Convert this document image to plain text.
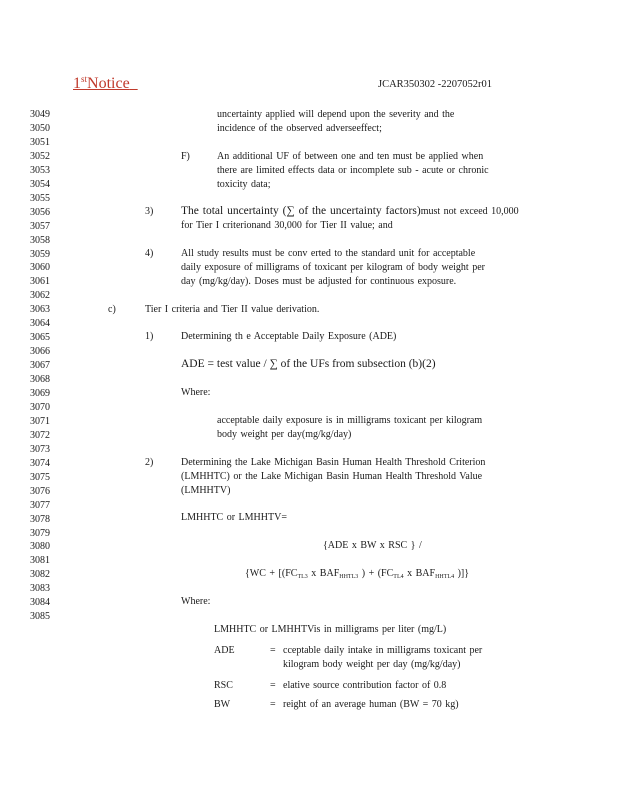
1stNotice	JCAR350302 -2207052r01
3049
3050
3051
3052
3053
3054
3055
3056
3057
3058
3059
3060
3061
3062
3063
3064
3065
3066
3067
3068
3069
3070
3071
3072
3073
3074
3075
3076
3077
3078
3079
3080
3081
3082
3083
3084
3085
uncertainty applied will depend upon the severity and the
incidence of the observed adverseeffect;
F)	An additional UF of between one and ten must be applied when
there are limited effects data or incomplete sub - acute or chronic
toxicity data;
3) The total uncertainty (∑ of the uncertainty factors)must not exceed 10,000
for Tier I criterionand 30,000 for Tier II value; and
4)	All study results must be conv erted to the standard unit for acceptable
daily exposure of milligrams of toxicant per kilogram of body weight per
day (mg/kg/day). Doses must be adjusted for continuous exposure.
c)	Tier I criteria and Tier II value derivation.
1)	Determining th e Acceptable Daily Exposure (ADE)
ADE = test value / ∑ of the UFs from subsection (b)(2)
Where:
acceptable daily exposure is in milligrams toxicant per kilogram
body weight per day(mg/kg/day)
2)	Determining the Lake Michigan Basin Human Health Threshold Criterion
(LMHHTC) or the Lake Michigan Basin Human Health Threshold Value
(LMHHTV)
LMHHTC or LMHHTV=
{ADE x BW x RSC } /
{$WC + [(FC_{TL3}$ x $BAF_{HHTL3}$ ) + ($FC_{TL4}$ x $BAF_{HHTL4}$ )]}
Where:
LMHHTC or LMHHTVis in milligrams per liter (mg/L)
ADE	= cceptable daily intake in milligrams toxicant per
kilogram body weight per day (mg/kg/day)
RSC	= elative source contribution factor of 0.8
BW	= reight of an average human (BW = 70 kg)
